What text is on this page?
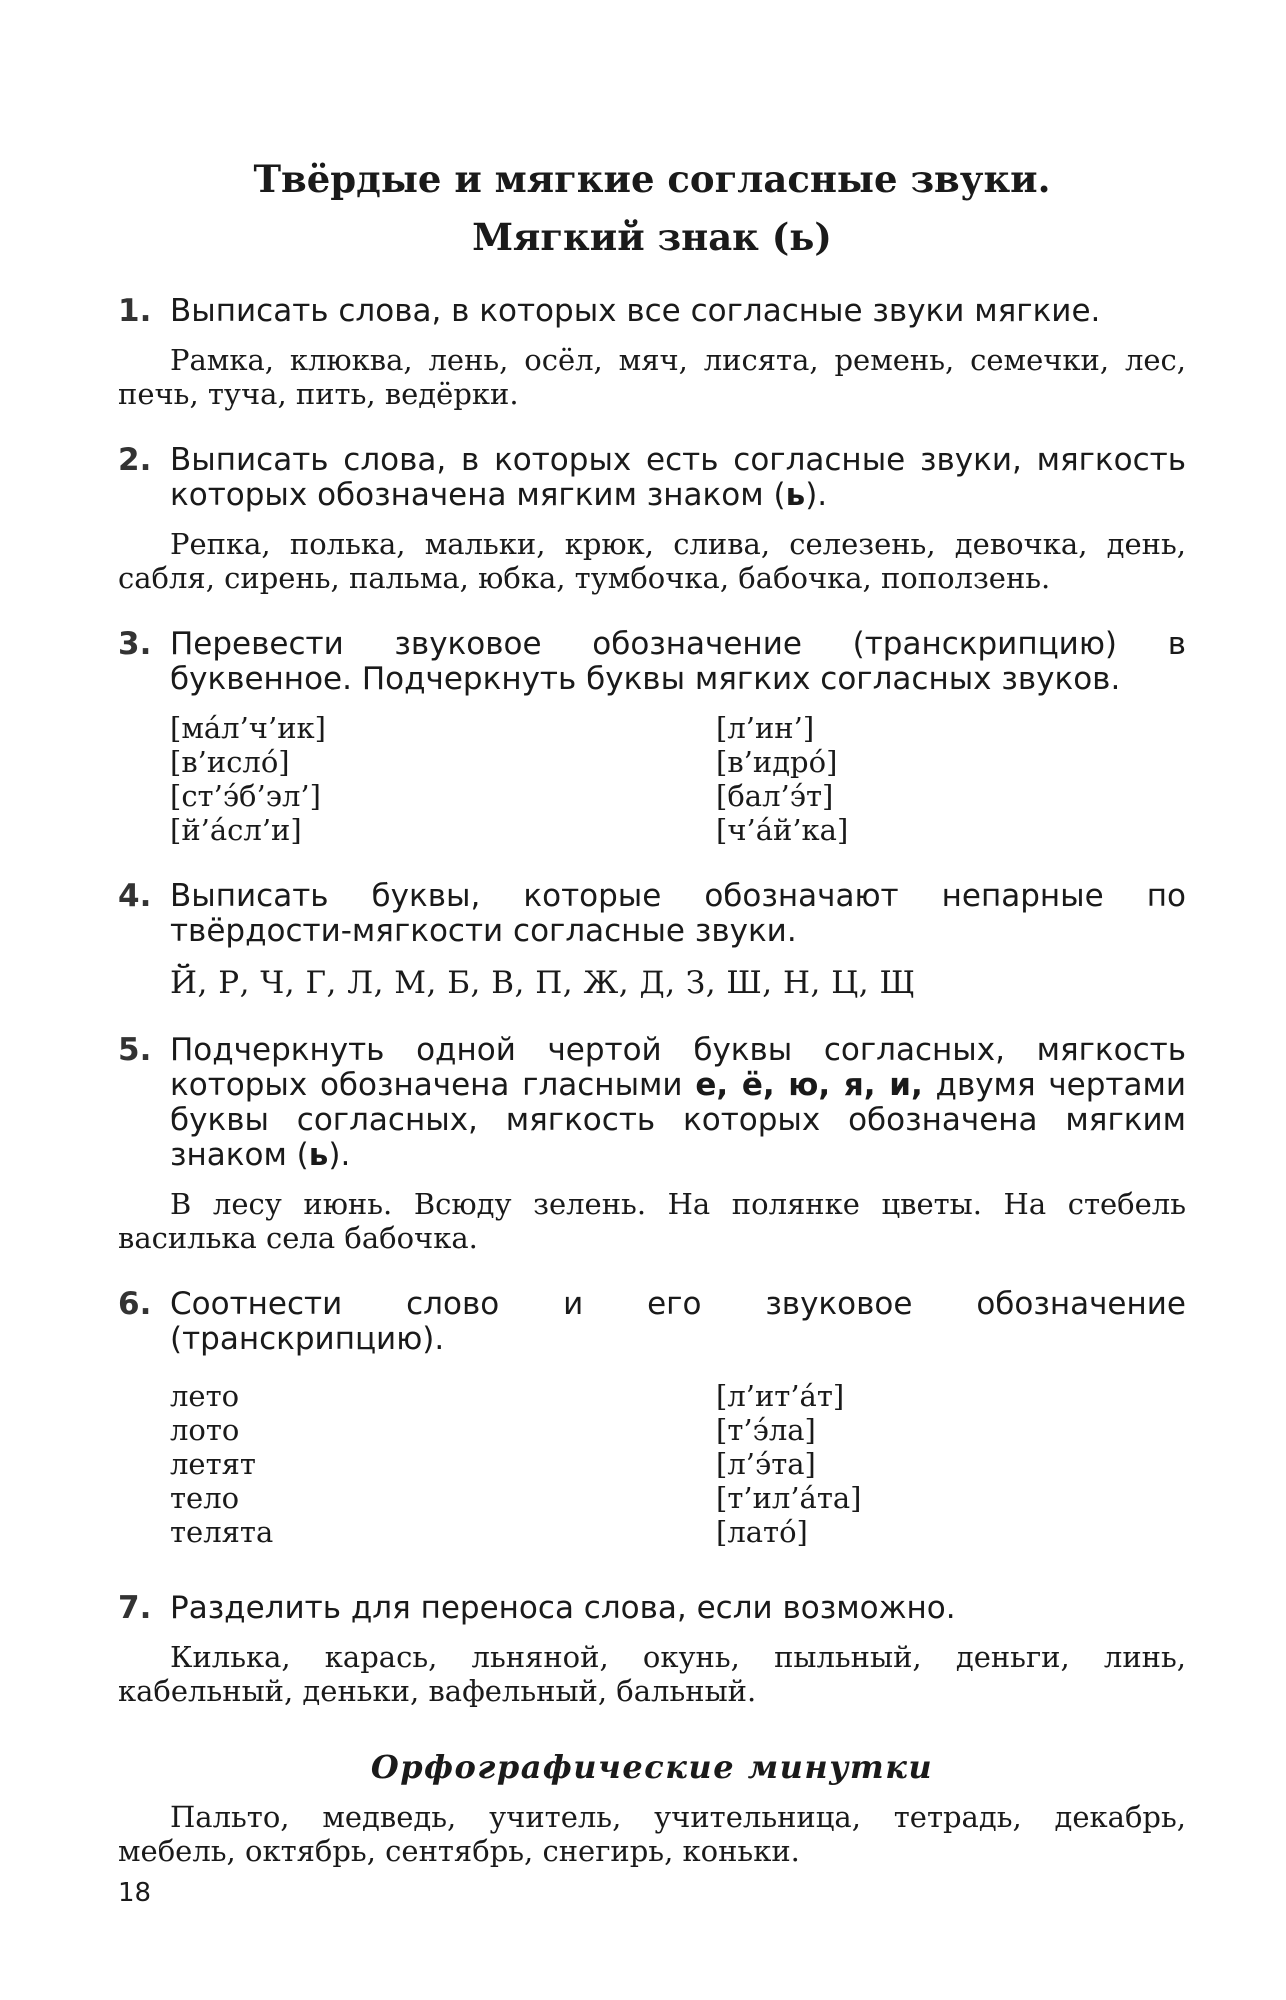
Твёрдые и мягкие согласные звуки.
Мягкий знак (ь)
1. Выписать слова, в которых все согласные звуки мягкие.
Рамка, клюква, лень, осёл, мяч, лисята, ремень, семечки, лес, печь, туча, пить, ведёрки.
2. Выписать слова, в которых есть согласные звуки, мягкость которых обозначена мягким знаком (ь).
Репка, полька, мальки, крюк, слива, селезень, девочка, день, сабля, сирень, пальма, юбка, тумбочка, бабочка, поползень.
3. Перевести звуковое обозначение (транскрипцию) в буквенное. Подчеркнуть буквы мягких согласных звуков.
[ма́л’ч’ик]	[л’ин’]
[в’исло́]	[в’идро́]
[ст’э́б’эл’]	[бал’э́т]
[й’а́сл’и]	[ч’а́й’ка]
4. Выписать буквы, которые обозначают непарные по твёрдости-мягкости согласные звуки.
Й, Р, Ч, Г, Л, М, Б, В, П, Ж, Д, З, Ш, Н, Ц, Щ
5. Подчеркнуть одной чертой буквы согласных, мягкость которых обозначена гласными е, ё, ю, я, и, двумя чертами буквы согласных, мягкость которых обозначена мягким знаком (ь).
В лесу июнь. Всюду зелень. На полянке цветы. На стебель василька села бабочка.
6. Соотнести слово и его звуковое обозначение (транскрипцию).
лето	[л’ит’а́т]
лото	[т’э́ла]
летят	[л’э́та]
тело	[т’ил’а́та]
телята	[лато́]
7. Разделить для переноса слова, если возможно.
Килька, карась, льняной, окунь, пыльный, деньги, линь, кабельный, деньки, вафельный, бальный.
Орфографические минутки
Пальто, медведь, учитель, учительница, тетрадь, декабрь, мебель, октябрь, сентябрь, снегирь, коньки.
18
